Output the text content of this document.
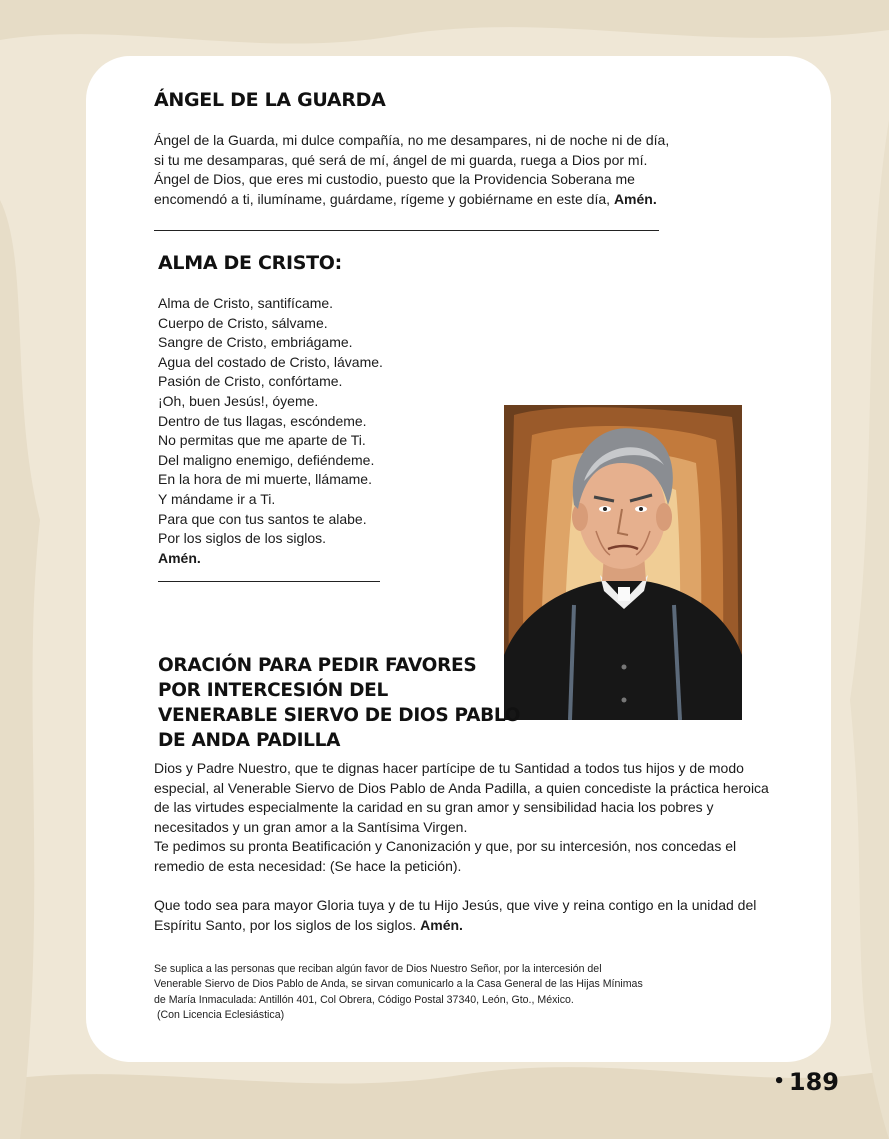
ÁNGEL DE LA GUARDA
Ángel de la Guarda, mi dulce compañía, no me desampares, ni de noche ni de día,
si tu me desamparas, qué será de mí, ángel de mi guarda, ruega a Dios por mí.
Ángel de Dios, que eres mi custodio, puesto que la Providencia Soberana me
encomendó a ti, ilumíname, guárdame, rígeme y gobiérname en este día, Amén.
ALMA DE CRISTO:
Alma de Cristo, santifícame.
Cuerpo de Cristo, sálvame.
Sangre de Cristo, embriágame.
Agua del costado de Cristo, lávame.
Pasión de Cristo, confórtame.
¡Oh, buen Jesús!, óyeme.
Dentro de tus llagas, escóndeme.
No permitas que me aparte de Ti.
Del maligno enemigo, defiéndeme.
En la hora de mi muerte, llámame.
Y mándame ir a Ti.
Para que con tus santos te alabe.
Por los siglos de los siglos.
Amén.
ORACIÓN PARA PEDIR FAVORES
POR INTERCESIÓN DEL
VENERABLE SIERVO DE DIOS PABLO
DE ANDA PADILLA

Dios y Padre Nuestro, que te dignas hacer partícipe de tu Santidad a todos tus hijos y de modo especial, al Venerable Siervo de Dios Pablo de Anda Padilla, a quien concediste la práctica heroica de las virtudes especialmente la caridad en su gran amor y sensibilidad hacia los pobres y necesitados y un gran amor a la Santísima Virgen.

Te pedimos su pronta Beatificación y Canonización y que, por su intercesión, nos concedas el remedio de esta necesidad: (Se hace la petición).

Que todo sea para mayor Gloria tuya y de tu Hijo Jesús, que vive y reina contigo en la unidad del Espíritu Santo, por los siglos de los siglos. Amén.

Se suplica a las personas que reciban algún favor de Dios Nuestro Señor, por la intercesión del
Venerable Siervo de Dios Pablo de Anda, se sirvan comunicarlo a la Casa General de las Hijas Mínimas
de María Inmaculada: Antillón 401, Col Obrera, Código Postal 37340, León, Gto., México.
(Con Licencia Eclesiástica)
• 189
